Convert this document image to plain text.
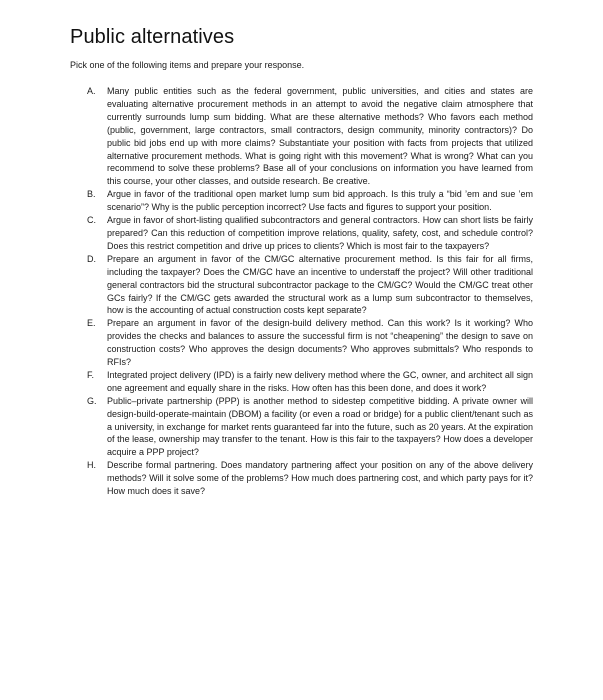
Public alternatives

Pick one of the following items and prepare your response.

A.	Many public entities such as the federal government, public universities, and cities and states are evaluating alternative procurement methods in an attempt to avoid the negative claim atmosphere that currently surrounds lump sum bidding. What are these alternative methods? Who favors each method (public, government, large contractors, small contractors, design community, minority contractors)? Do public bid jobs end up with more claims? Substantiate your position with facts from projects that utilized alternative procurement methods. What is going right with this movement? What is wrong? What can you recommend to solve these problems? Base all of your conclusions on information you have learned from this course, your other classes, and outside research. Be creative.

B.	Argue in favor of the traditional open market lump sum bid approach. Is this truly a “bid ’em and sue ’em scenario”? Why is the public perception incorrect? Use facts and figures to support your position.

C.	Argue in favor of short-listing qualified subcontractors and general contractors. How can short lists be fairly prepared? Can this reduction of competition improve relations, quality, safety, cost, and schedule control? Does this restrict competition and drive up prices to clients? Which is most fair to the taxpayers?

D.	Prepare an argument in favor of the CM/GC alternative procurement method. Is this fair for all firms, including the taxpayer? Does the CM/GC have an incentive to understaff the project? Will other traditional general contractors bid the structural subcontractor package to the CM/GC? Would the CM/GC treat other GCs fairly? If the CM/GC gets awarded the structural work as a lump sum subcontractor to themselves, how is the accounting of actual construction costs kept separate?

E.	Prepare an argument in favor of the design-build delivery method. Can this work? Is it working? Who provides the checks and balances to assure the successful firm is not “cheapening” the design to save on construction costs? Who approves the design documents? Who approves submittals? Who responds to RFIs?

F.	Integrated project delivery (IPD) is a fairly new delivery method where the GC, owner, and architect all sign one agreement and equally share in the risks. How often has this been done, and does it work?

G.	Public–private partnership (PPP) is another method to sidestep competitive bidding. A private owner will design-build-operate-maintain (DBOM) a facility (or even a road or bridge) for a public client/tenant such as a university, in exchange for market rents guaranteed far into the future, such as 20 years. At the expiration of the lease, ownership may transfer to the tenant. How is this fair to the taxpayers? How does a developer acquire a PPP project?

H.	Describe formal partnering. Does mandatory partnering affect your position on any of the above delivery methods? Will it solve some of the problems? How much does partnering cost, and which party pays for it? How much does it save?
